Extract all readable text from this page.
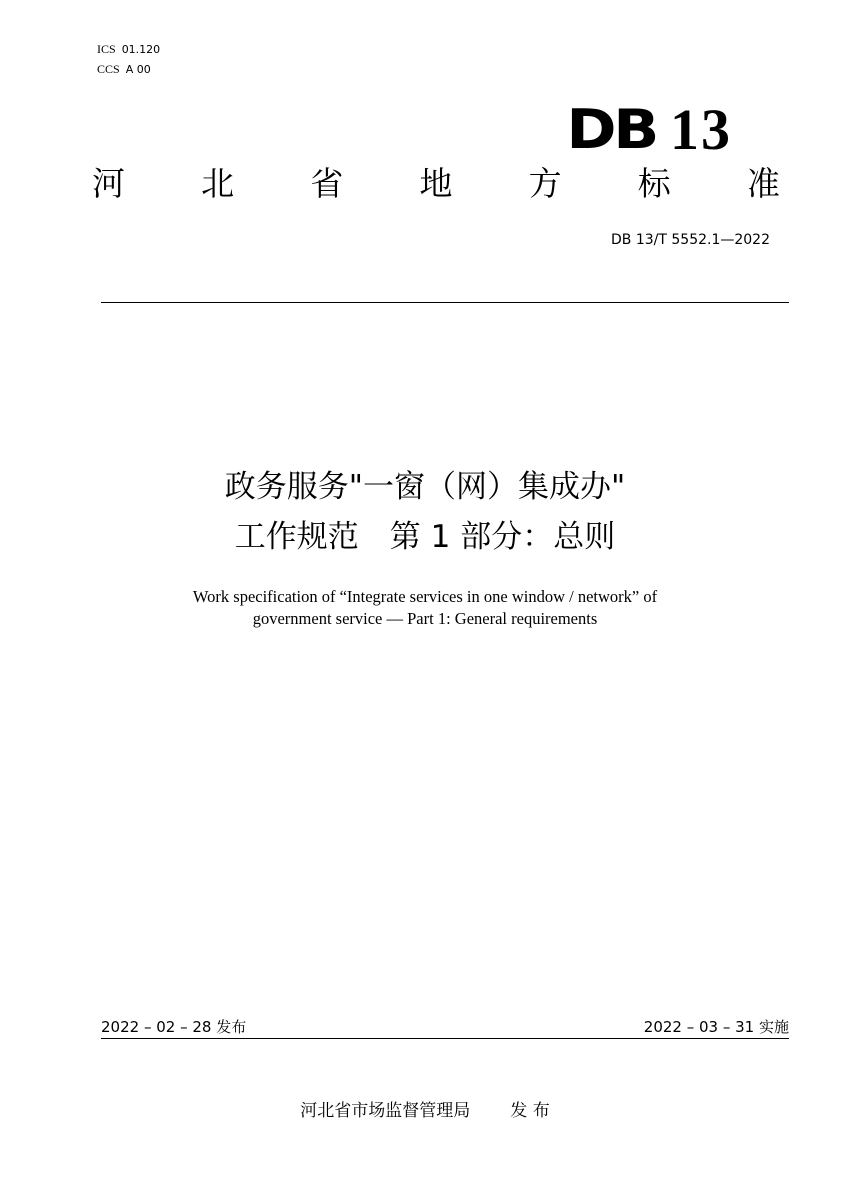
ICS 01.120
CCS A 00
DB 13
河 北 省 地 方 标 准
DB 13/T 5552.1—2022
政务服务"一窗（网）集成办"
工作规范　第 1 部分：总则
Work specification of “Integrate services in one window / network” of
government service — Part 1: General requirements
2022 – 02 – 28 发布	2022 – 03 – 31 实施
河北省市场监督管理局 发 布
